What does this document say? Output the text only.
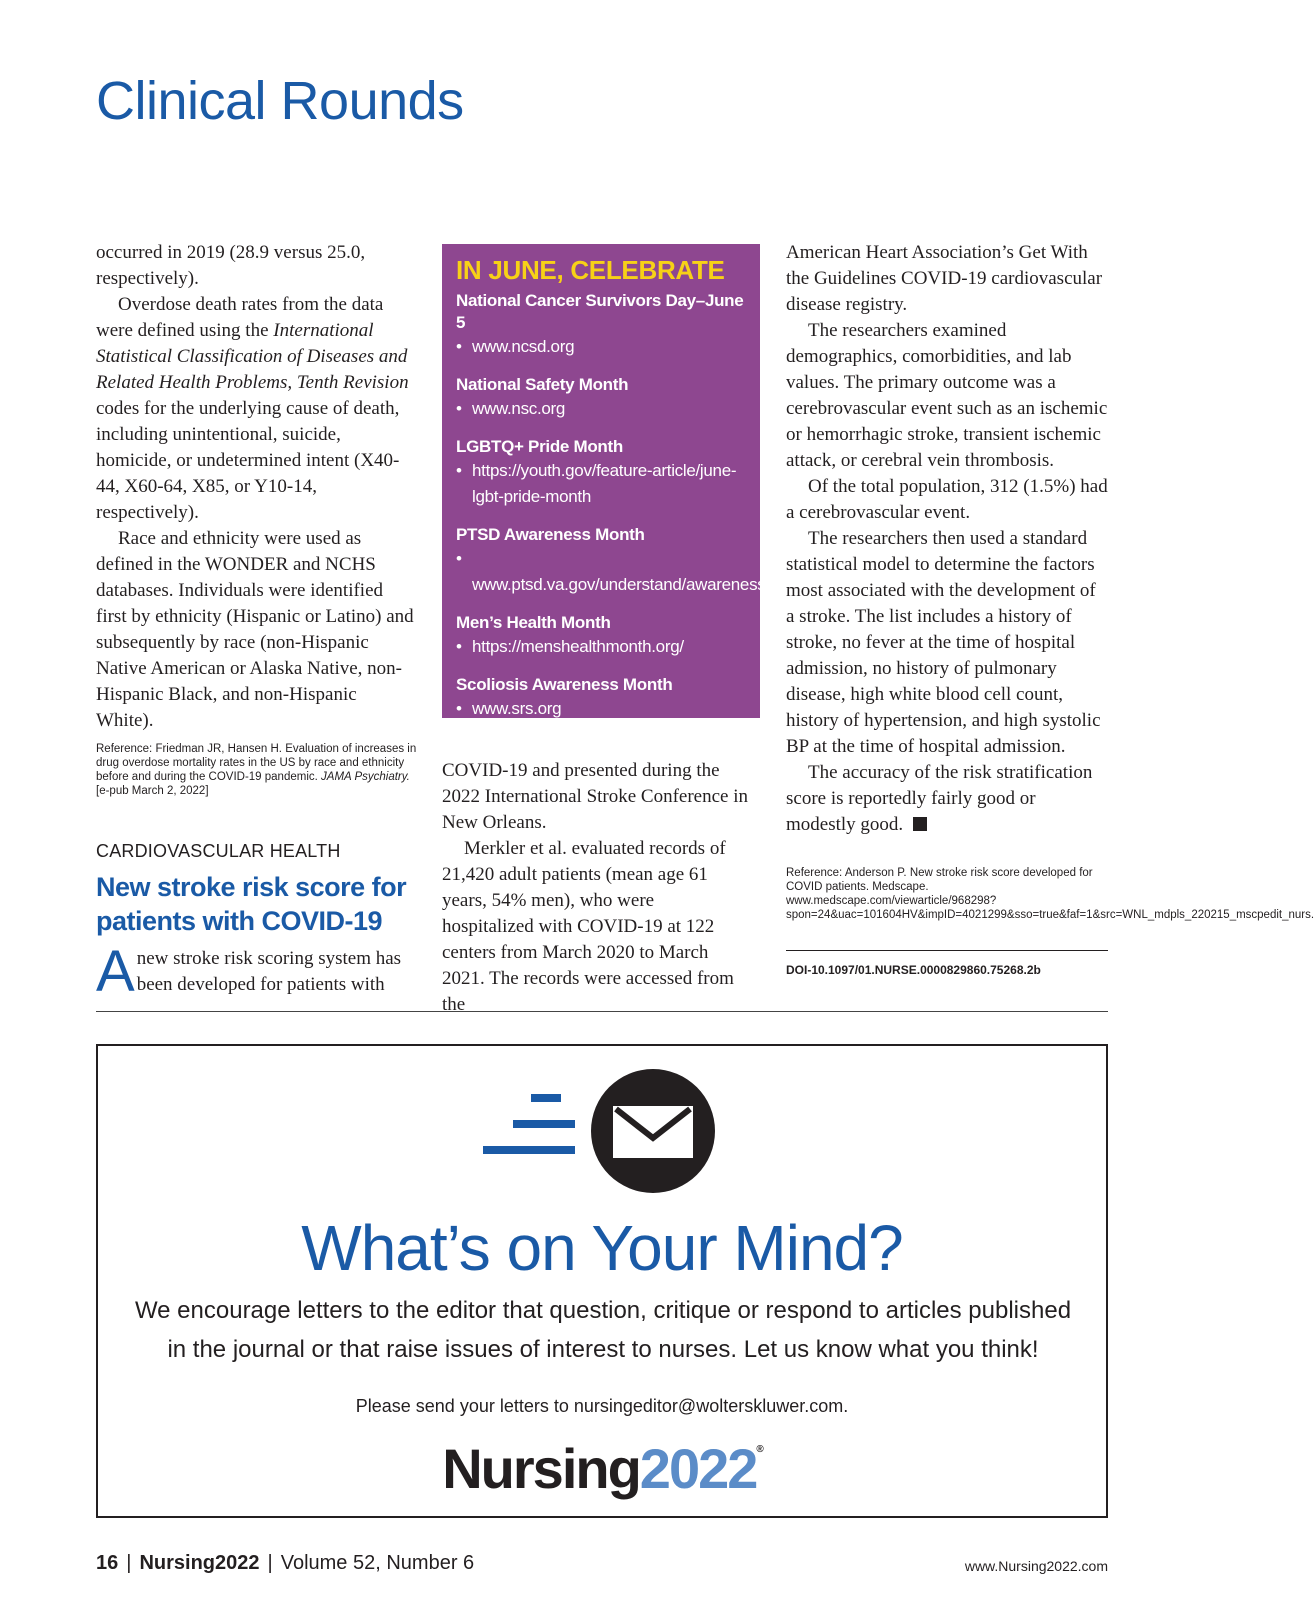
Clinical Rounds

occurred in 2019 (28.9 versus 25.0, respectively).

Overdose death rates from the data were defined using the International Statistical Classification of Diseases and Related Health Problems, Tenth Revision codes for the underlying cause of death, including unintentional, suicide, homicide, or undetermined intent (X40-44, X60-64, X85, or Y10-14, respectively).

Race and ethnicity were used as defined in the WONDER and NCHS databases. Individuals were identified first by ethnicity (Hispanic or Latino) and subsequently by race (non-Hispanic Native American or Alaska Native, non-Hispanic Black, and non-Hispanic White).

Reference: Friedman JR, Hansen H. Evaluation of increases in drug overdose mortality rates in the US by race and ethnicity before and during the COVID-19 pandemic. JAMA Psychiatry. [e-pub March 2, 2022]

CARDIOVASCULAR HEALTH
New stroke risk score for patients with COVID-19

A new stroke risk scoring system has been developed for patients with

IN JUNE, CELEBRATE
National Cancer Survivors Day–June 5
• www.ncsd.org
National Safety Month
• www.nsc.org
LGBTQ+ Pride Month
• https://youth.gov/feature-article/june-lgbt-pride-month
PTSD Awareness Month
•www.ptsd.va.gov/understand/awareness/
Men’s Health Month
• https://menshealthmonth.org/
Scoliosis Awareness Month
• www.srs.org

COVID-19 and presented during the 2022 International Stroke Conference in New Orleans.

Merkler et al. evaluated records of 21,420 adult patients (mean age 61 years, 54% men), who were hospitalized with COVID-19 at 122 centers from March 2020 to March 2021. The records were accessed from the

American Heart Association’s Get With the Guidelines COVID-19 cardiovascular disease registry.

The researchers examined demographics, comorbidities, and lab values. The primary outcome was a cerebrovascular event such as an ischemic or hemorrhagic stroke, transient ischemic attack, or cerebral vein thrombosis.

Of the total population, 312 (1.5%) had a cerebrovascular event.

The researchers then used a standard statistical model to determine the factors most associated with the development of a stroke. The list includes a history of stroke, no fever at the time of hospital admission, no history of pulmonary disease, high white blood cell count, history of hypertension, and high systolic BP at the time of hospital admission.

The accuracy of the risk stratification score is reportedly fairly good or modestly good.

Reference: Anderson P. New stroke risk score developed for COVID patients. Medscape. www.medscape.com/viewarticle/968298?spon=24&uac=101604HV&impID=4021299&sso=true&faf=1&src=WNL_mdpls_220215_mscpedit_nurs.

DOI-10.1097/01.NURSE.0000829860.75268.2b
What’s on Your Mind?
We encourage letters to the editor that question, critique or respond to articles published in the journal or that raise issues of interest to nurses. Let us know what you think!
Please send your letters to nursingeditor@wolterskluwer.com.
Nursing2022®
16 | Nursing2022 | Volume 52, Number 6	www.Nursing2022.com
